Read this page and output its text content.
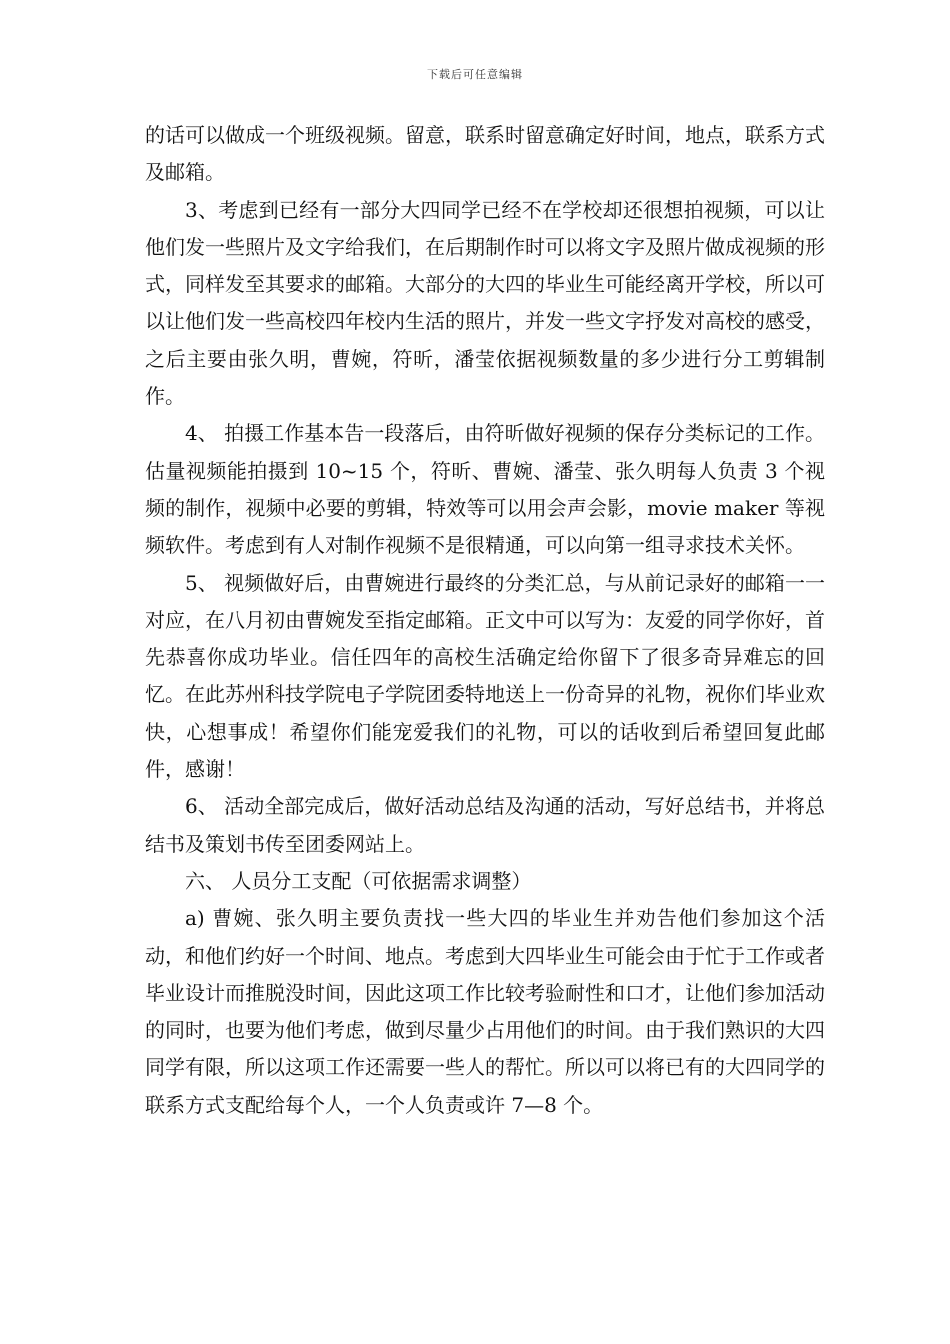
下载后可任意编辑

的话可以做成一个班级视频。留意，联系时留意确定好时间，地点，联系方式及邮箱。

3、考虑到已经有一部分大四同学已经不在学校却还很想拍视频，可以让他们发一些照片及文字给我们，在后期制作时可以将文字及照片做成视频的形式，同样发至其要求的邮箱。大部分的大四的毕业生可能经离开学校，所以可以让他们发一些高校四年校内生活的照片，并发一些文字抒发对高校的感受，之后主要由张久明，曹婉，符昕，潘莹依据视频数量的多少进行分工剪辑制作。

4、 拍摄工作基本告一段落后，由符昕做好视频的保存分类标记的工作。估量视频能拍摄到 10~15 个，符昕、曹婉、潘莹、张久明每人负责 3 个视频的制作，视频中必要的剪辑，特效等可以用会声会影，movie maker 等视频软件。考虑到有人对制作视频不是很精通，可以向第一组寻求技术关怀。

5、 视频做好后，由曹婉进行最终的分类汇总，与从前记录好的邮箱一一对应，在八月初由曹婉发至指定邮箱。正文中可以写为：友爱的同学你好，首先恭喜你成功毕业。信任四年的高校生活确定给你留下了很多奇异难忘的回忆。在此苏州科技学院电子学院团委特地送上一份奇异的礼物，祝你们毕业欢快，心想事成！希望你们能宠爱我们的礼物，可以的话收到后希望回复此邮件，感谢！

6、 活动全部完成后，做好活动总结及沟通的活动，写好总结书，并将总结书及策划书传至团委网站上。

六、 人员分工支配（可依据需求调整）

a) 曹婉、张久明主要负责找一些大四的毕业生并劝告他们参加这个活动，和他们约好一个时间、地点。考虑到大四毕业生可能会由于忙于工作或者毕业设计而推脱没时间，因此这项工作比较考验耐性和口才，让他们参加活动的同时，也要为他们考虑，做到尽量少占用他们的时间。由于我们熟识的大四同学有限，所以这项工作还需要一些人的帮忙。所以可以将已有的大四同学的联系方式支配给每个人，一个人负责或许 7—8 个。
